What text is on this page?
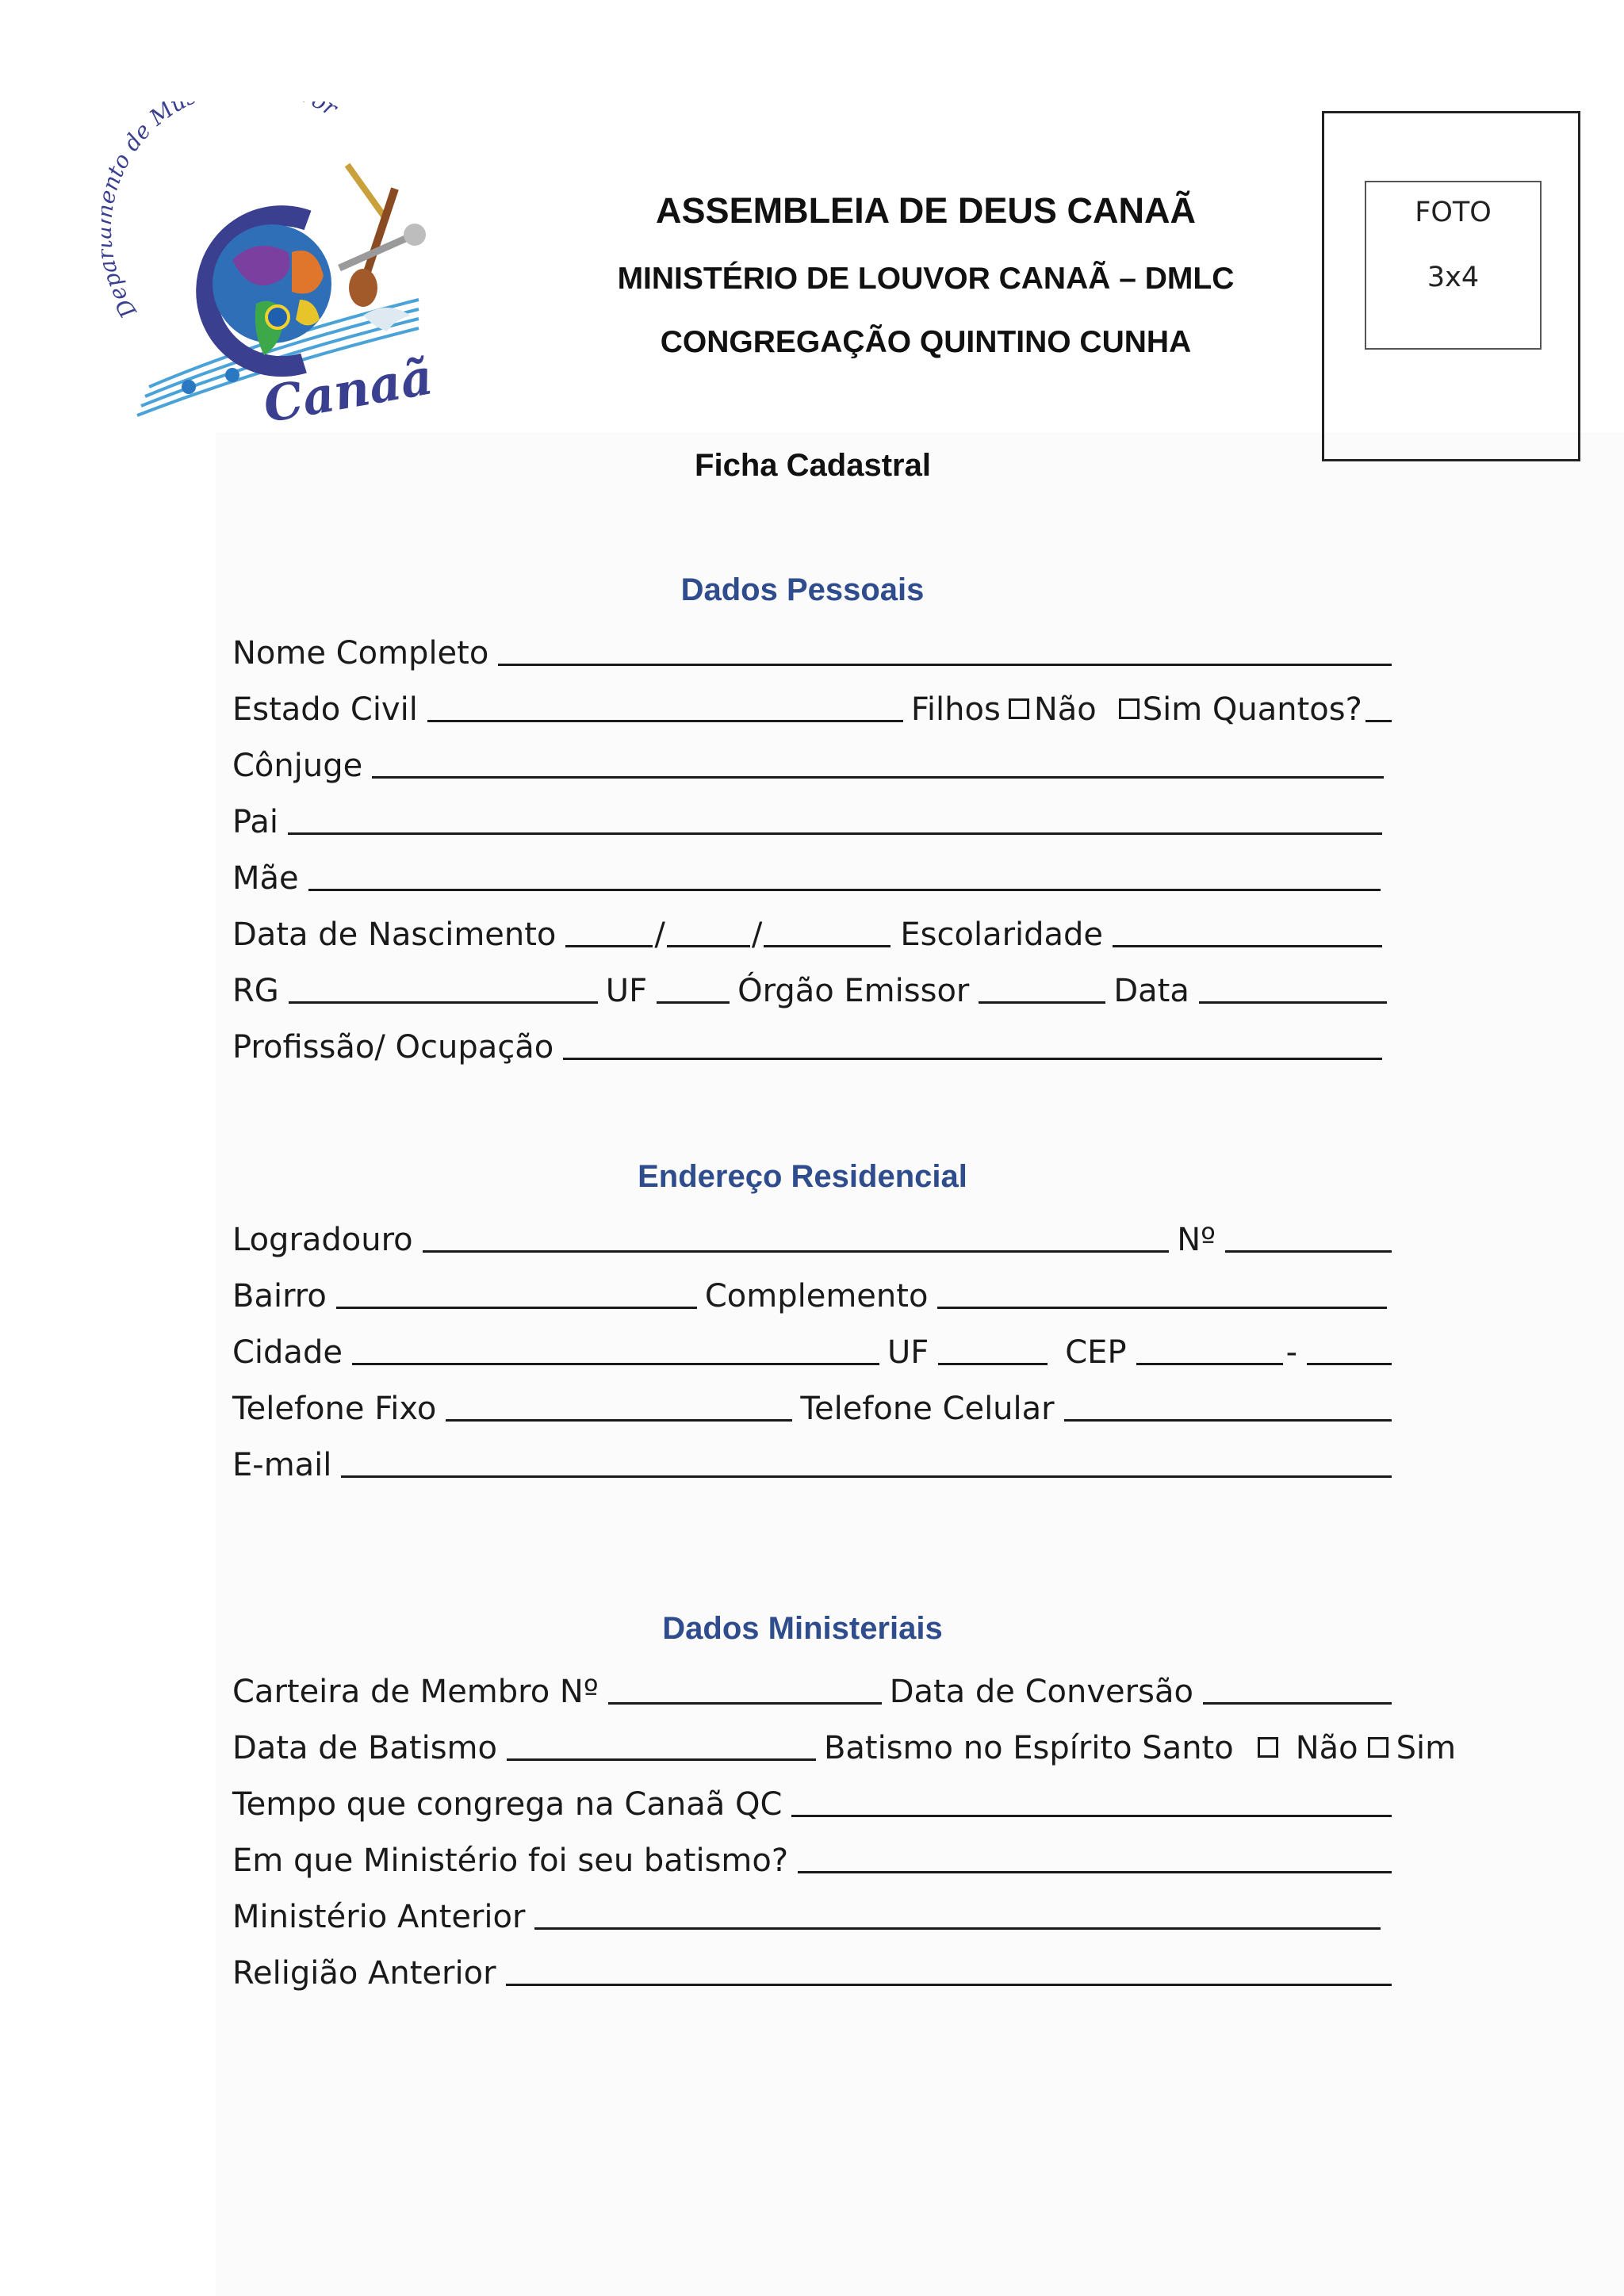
De to de Mu r
Canaã
ASSEMBLEIA DE DEUS CANAÃ
MINISTÉRIO DE LOUVOR CANAÃ – DMLC
CONGREGAÇÃO QUINTINO CUNHA
Ficha Cadastral
FOTO
3x4
Dados Pessoais
Nome Completo
Estado Civil	Filhos Não Sim Quantos?
Cônjuge
Pai
Mãe
Data de Nascimento	/	/	Escolaridade
RG	UF	Órgão Emissor	Data
Profissão/ Ocupação
Endereço Residencial
Logradouro	Nº
Bairro	Complemento
Cidade	UF	CEP	-
Telefone Fixo	Telefone Celular
E-mail
Dados Ministeriais
Carteira de Membro Nº	Data de Conversão
Data de Batismo	Batismo no Espírito Santo Não Sim
Tempo que congrega na Canaã QC
Em que Ministério foi seu batismo?
Ministério Anterior
Religião Anterior
